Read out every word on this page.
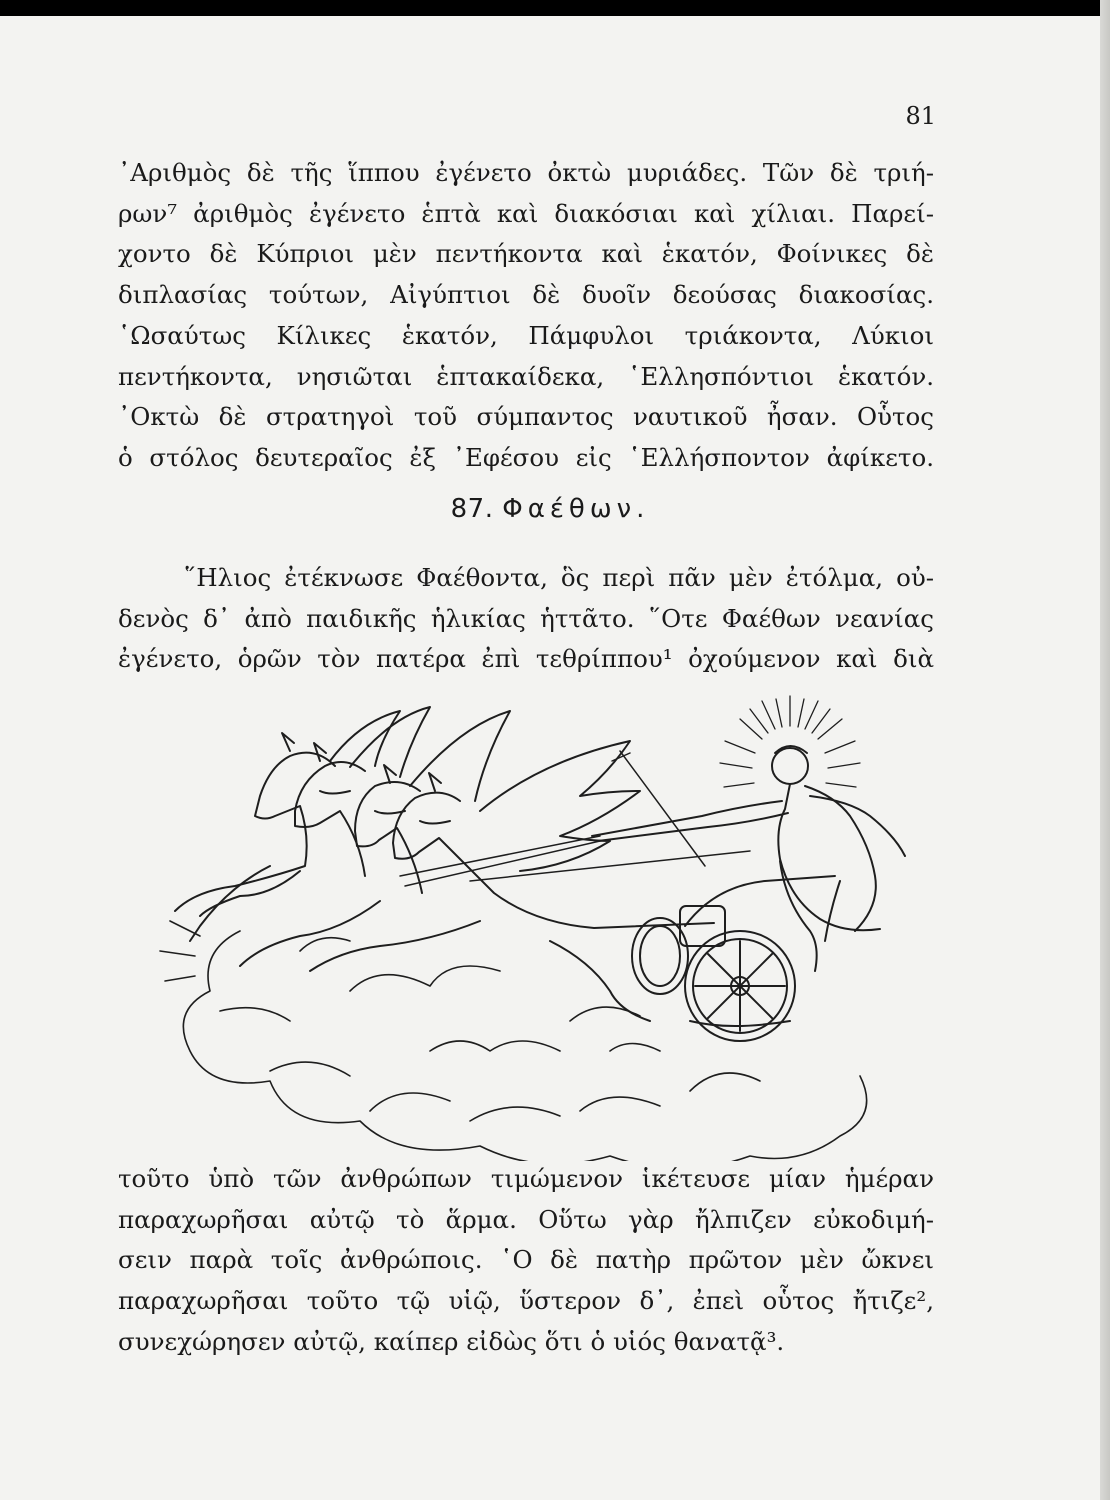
81

᾿Αριθμὸς δὲ τῆς ἵππου ἐγένετο ὀκτὼ μυριάδες. Τῶν δὲ τριή-
ρων⁷ ἀριθμὸς ἐγένετο ἑπτὰ καὶ διακόσιαι καὶ χίλιαι. Παρεί-
χοντο δὲ Κύπριοι μὲν πεντήκοντα καὶ ἑκατόν, Φοίνικες δὲ
διπλασίας τούτων, Αἰγύπτιοι δὲ δυοῖν δεούσας διακοσίας.
῾Ωσαύτως Κίλικες ἑκατόν, Πάμφυλοι τριάκοντα, Λύκιοι
πεντήκοντα, νησιῶται ἑπτακαίδεκα, ῾Ελλησπόντιοι ἑκατόν.
᾿Οκτὼ δὲ στρατηγοὶ τοῦ σύμπαντος ναυτικοῦ ἦσαν. Οὗτος
ὁ στόλος δευτεραῖος ἐξ ᾿Εφέσου εἰς ῾Ελλήσποντον ἀφίκετο.

87. Φαέθων.

῞Ηλιος ἐτέκνωσε Φαέθοντα, ὃς περὶ πᾶν μὲν ἐτόλμα, οὐ-
δενὸς δ᾿ ἀπὸ παιδικῆς ἡλικίας ἡττᾶτο. ῞Οτε Φαέθων νεανίας
ἐγένετο, ὁρῶν τὸν πατέρα ἐπὶ τεθρίππου¹ ὀχούμενον καὶ διὰ

τοῦτο ὑπὸ τῶν ἀνθρώπων τιμώμενον ἱκέτευσε μίαν ἡμέραν
παραχωρῆσαι αὐτῷ τὸ ἅρμα. Οὕτω γὰρ ἤλπιζεν εὐκοδιμή-
σειν παρὰ τοῖς ἀνθρώποις. ῾Ο δὲ πατὴρ πρῶτον μὲν ὤκνει
παραχωρῆσαι τοῦτο τῷ υἱῷ, ὕστερον δ᾿, ἐπεὶ οὗτος ἤτιζε²,
συνεχώρησεν αὐτῷ, καίπερ εἰδὼς ὅτι ὁ υἱός θανατᾷ³.
